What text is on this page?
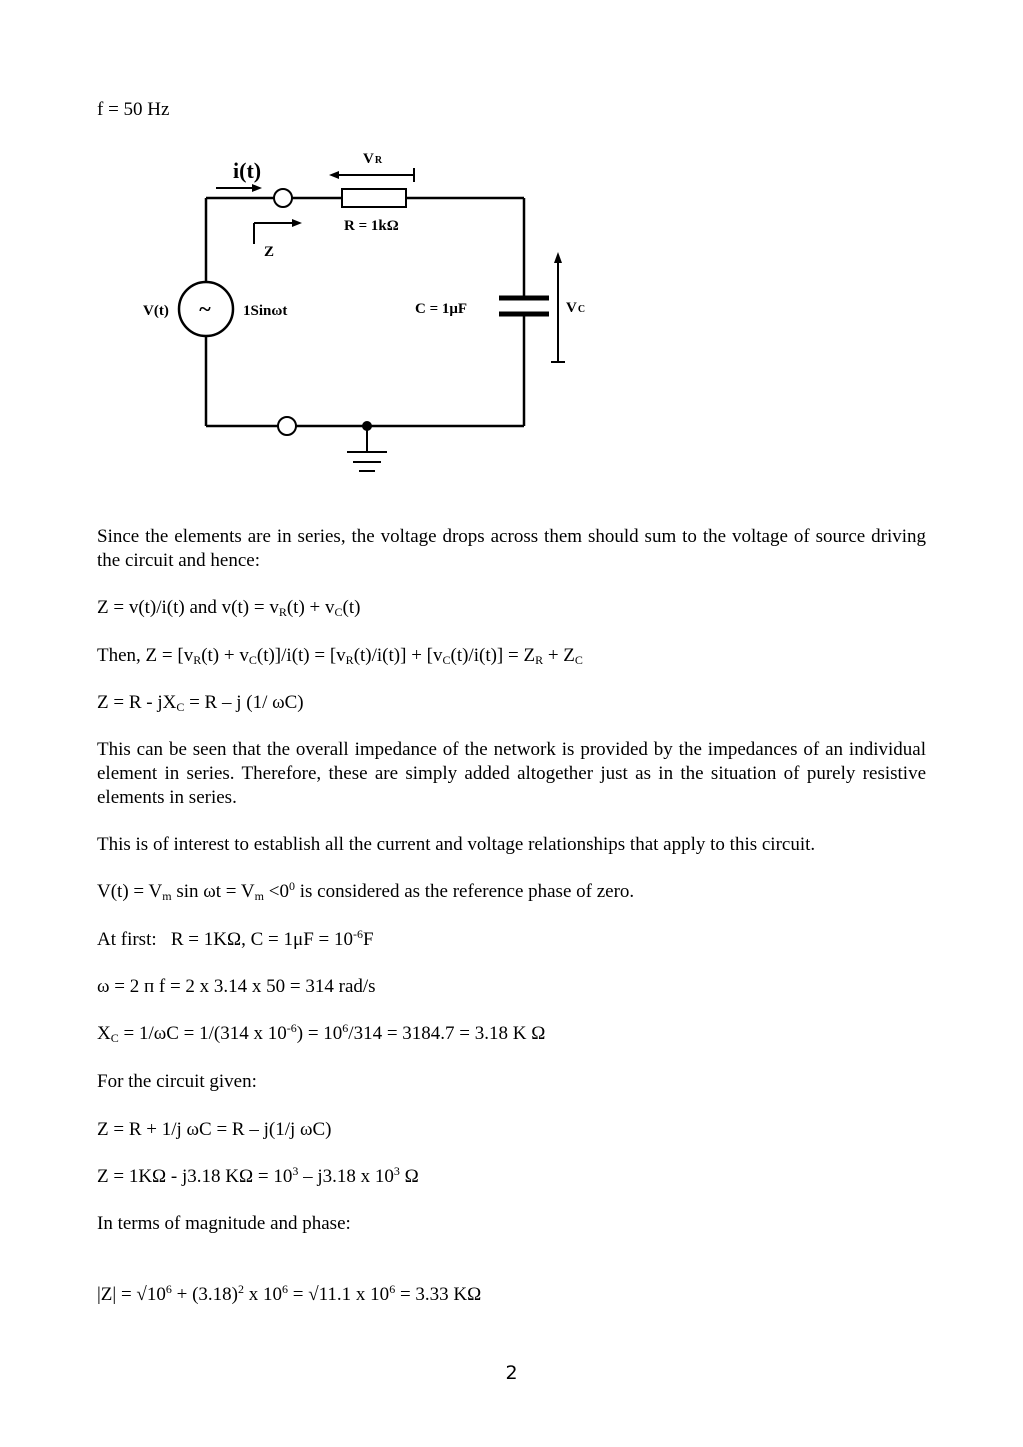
f = 50 Hz
~
i(t)
Z
VR
VC
R = 1kΩ
V(t)	1Sinωt	C = 1μF
Since the elements are in series, the voltage drops across them should sum to the voltage of source driving the circuit and hence:
Z = v(t)/i(t) and $v(t) = v_R(t) + v_C(t)$
Then, $Z = [v_R(t) + v_C(t)]/i(t) = [v_R(t)/i(t)] + [v_C(t)/i(t)] = Z_R + Z_C$
$Z = R - jX_C = R - j$ (1/ ωC)
This can be seen that the overall impedance of the network is provided by the impedances of an individual element in series. Therefore, these are simply added altogether just as in the situation of purely resistive elements in series.
This is of interest to establish all the current and voltage relationships that apply to this circuit.
$V(t) = V_m$ $\sin \omega t = V_m <0^0$ is considered as the reference phase of zero.
At first:   R = 1KΩ, $C = 1\mu F = 10^{-6}F$
ω = 2 п f = 2 x 3.14 x 50 = 314 rad/s
$X_C = 1/\omega C = 1/(314$ x $10^{-6}) = 10^6/314 = 3184.7 = 3.18$ K Ω
For the circuit given:
Z = R + 1/j ωC = R – j(1/j ωC)
Z = 1KΩ - j3.18 $K\Omega = 10^3 - j3.18$ x $10^3$ Ω
In terms of magnitude and phase:
$|Z| = √10^6 + (3.18)^2$ x $10^6 = √11.1$ x $10^6 = 3.33$ KΩ
2
